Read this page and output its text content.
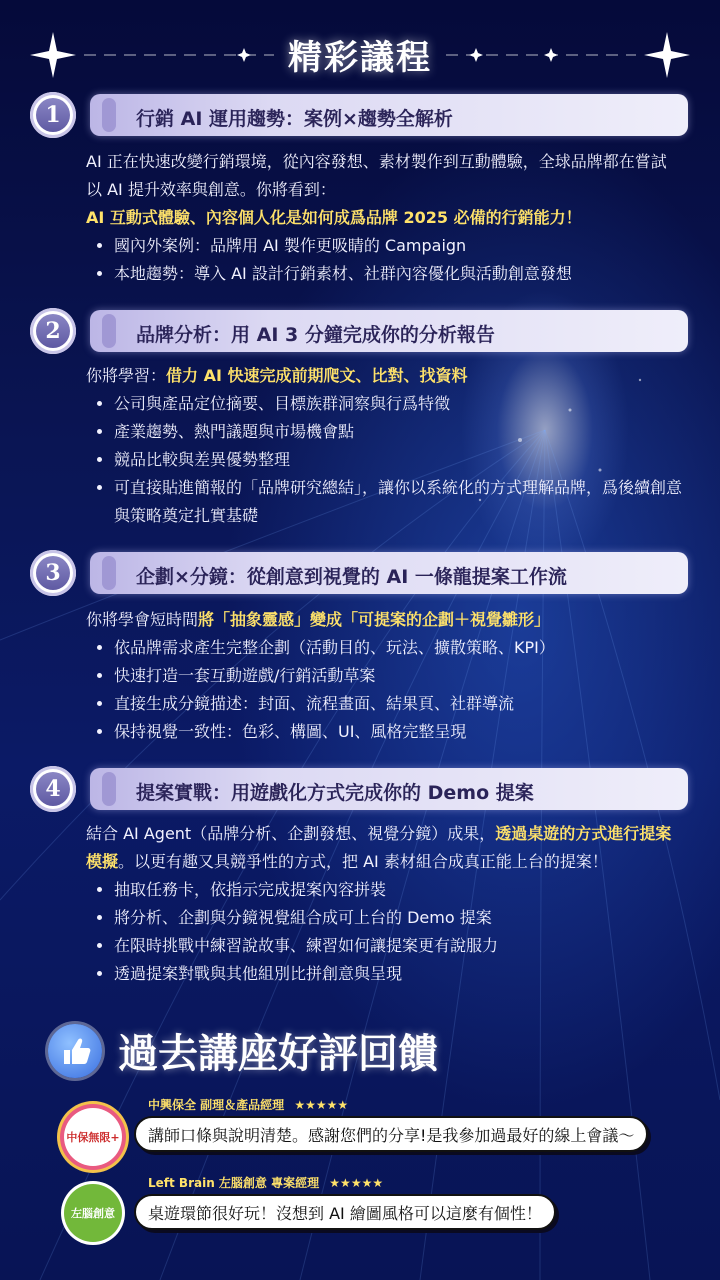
精彩議程
1	行銷 AI 運用趨勢：案例×趨勢全解析
AI 正在快速改變行銷環境，從內容發想、素材製作到互動體驗，全球品牌都在嘗試以 AI 提升效率與創意。你將看到：
AI 互動式體驗、內容個人化是如何成爲品牌 2025 必備的行銷能力！
• 國內外案例：品牌用 AI 製作更吸睛的 Campaign
• 本地趨勢：導入 AI 設計行銷素材、社群內容優化與活動創意發想
2	品牌分析：用 AI 3 分鐘完成你的分析報告
你將學習：借力 AI 快速完成前期爬文、比對、找資料
• 公司與產品定位摘要、目標族群洞察與行爲特徵
• 產業趨勢、熱門議題與市場機會點
• 競品比較與差異優勢整理
• 可直接貼進簡報的「品牌研究總結」，讓你以系統化的方式理解品牌，爲後續創意與策略奠定扎實基礎
3	企劃×分鏡：從創意到視覺的 AI 一條龍提案工作流
你將學會短時間將「抽象靈感」變成「可提案的企劃＋視覺雛形」
• 依品牌需求產生完整企劃（活動目的、玩法、擴散策略、KPI）
• 快速打造一套互動遊戲/行銷活動草案
• 直接生成分鏡描述：封面、流程畫面、結果頁、社群導流
• 保持視覺一致性：色彩、構圖、UI、風格完整呈現
4	提案實戰：用遊戲化方式完成你的 Demo 提案
結合 AI Agent（品牌分析、企劃發想、視覺分鏡）成果，透過桌遊的方式進行提案模擬。以更有趣又具競爭性的方式，把 AI 素材組合成真正能上台的提案！
• 抽取任務卡，依指示完成提案內容拼裝
• 將分析、企劃與分鏡視覺組合成可上台的 Demo 提案
• 在限時挑戰中練習說故事、練習如何讓提案更有說服力
• 透過提案對戰與其他組別比拼創意與呈現
過去講座好評回饋
中興保全 副理＆產品經理 ★★★★★
中保無限+	講師口條與說明清楚。感謝您們的分享!是我參加過最好的線上會議～
Left Brain 左腦創意 專案經理 ★★★★★
左腦創意	桌遊環節很好玩！沒想到 AI 繪圖風格可以這麼有個性！
